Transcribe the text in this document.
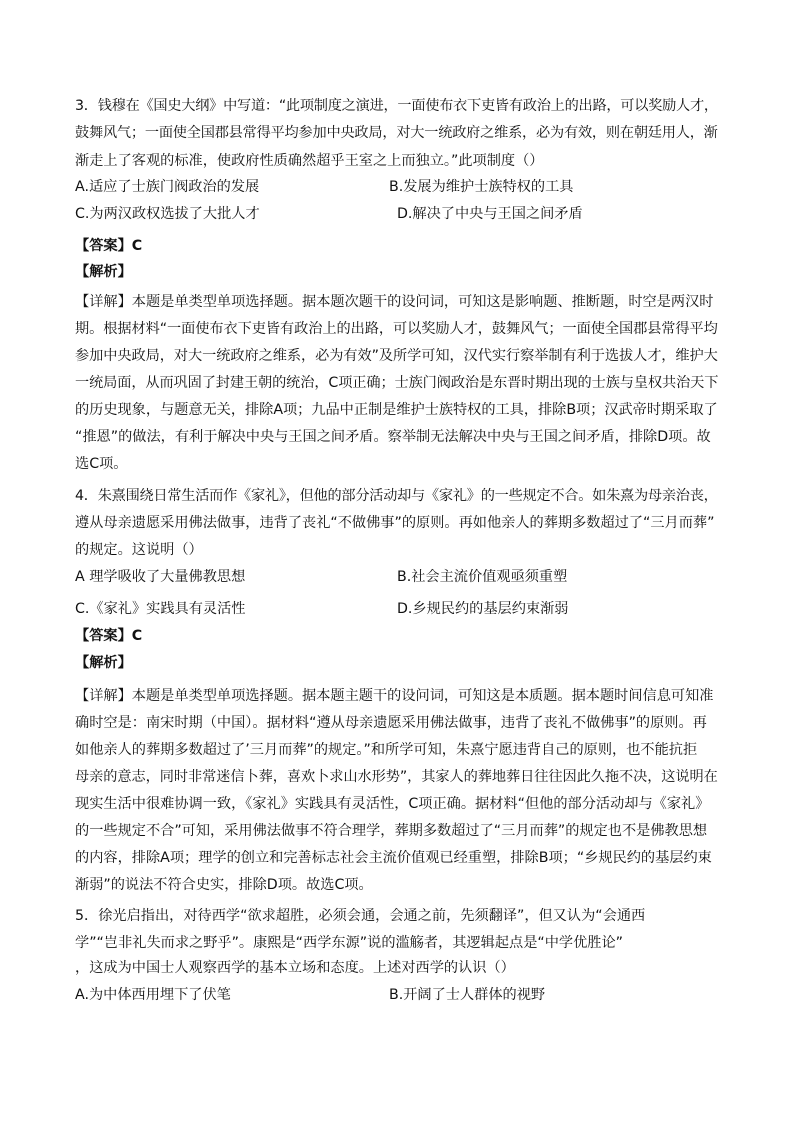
3．钱穆在《国史大纲》中写道：“此项制度之演进，一面使布衣下吏皆有政治上的出路，可以奖励人才，
鼓舞风气；一面使全国郡县常得平均参加中央政局，对大一统政府之维系，必为有效，则在朝廷用人，渐
渐走上了客观的标准，使政府性质确然超乎王室之上而独立。”此项制度（）
A.适应了士族门阀政治的发展	B.发展为维护士族特权的工具
C.为两汉政权选拔了大批人才	D.解决了中央与王国之间矛盾
【答案】C
【解析】
【详解】本题是单类型单项选择题。据本题次题干的设问词，可知这是影响题、推断题，时空是两汉时
期。根据材料“一面使布衣下吏皆有政治上的出路，可以奖励人才，鼓舞风气；一面使全国郡县常得平均
参加中央政局，对大一统政府之维系，必为有效”及所学可知，汉代实行察举制有利于选拔人才，维护大
一统局面，从而巩固了封建王朝的统治，C项正确；士族门阀政治是东晋时期出现的士族与皇权共治天下
的历史现象，与题意无关，排除A项；九品中正制是维护士族特权的工具，排除B项；汉武帝时期采取了
“推恩”的做法，有利于解决中央与王国之间矛盾。察举制无法解决中央与王国之间矛盾，排除D项。故
选C项。
4．朱熹围绕日常生活而作《家礼》，但他的部分活动却与《家礼》的一些规定不合。如朱熹为母亲治丧，
遵从母亲遗愿采用佛法做事，违背了丧礼“不做佛事”的原则。再如他亲人的葬期多数超过了“三月而葬”
的规定。这说明（）
A 理学吸收了大量佛教思想	B.社会主流价值观亟须重塑
C.《家礼》实践具有灵活性	D.乡规民约的基层约束渐弱
【答案】C
【解析】
【详解】本题是单类型单项选择题。据本题主题干的设问词，可知这是本质题。据本题时间信息可知准
确时空是：南宋时期（中国）。据材料“遵从母亲遗愿采用佛法做事，违背了丧礼不做佛事”的原则。再
如他亲人的葬期多数超过了’三月而葬”的规定。”和所学可知，朱熹宁愿违背自己的原则，也不能抗拒
母亲的意志，同时非常迷信卜葬，喜欢卜求山水形势”，其家人的葬地葬日往往因此久拖不决，这说明在
现实生活中很难协调一致，《家礼》实践具有灵活性，C项正确。据材料“但他的部分活动却与《家礼》
的一些规定不合”可知，采用佛法做事不符合理学，葬期多数超过了“三月而葬”的规定也不是佛教思想
的内容，排除A项；理学的创立和完善标志社会主流价值观已经重塑，排除B项；“乡规民约的基层约束
渐弱”的说法不符合史实，排除D项。故选C项。
5．徐光启指出，对待西学“欲求超胜，必须会通，会通之前，先须翻译”，但又认为“会通西
学”“岂非礼失而求之野乎”。康熙是“西学东源”说的滥觞者，其逻辑起点是“中学优胜论”
，这成为中国士人观察西学的基本立场和态度。上述对西学的认识（）
A.为中体西用埋下了伏笔	B.开阔了士人群体的视野
